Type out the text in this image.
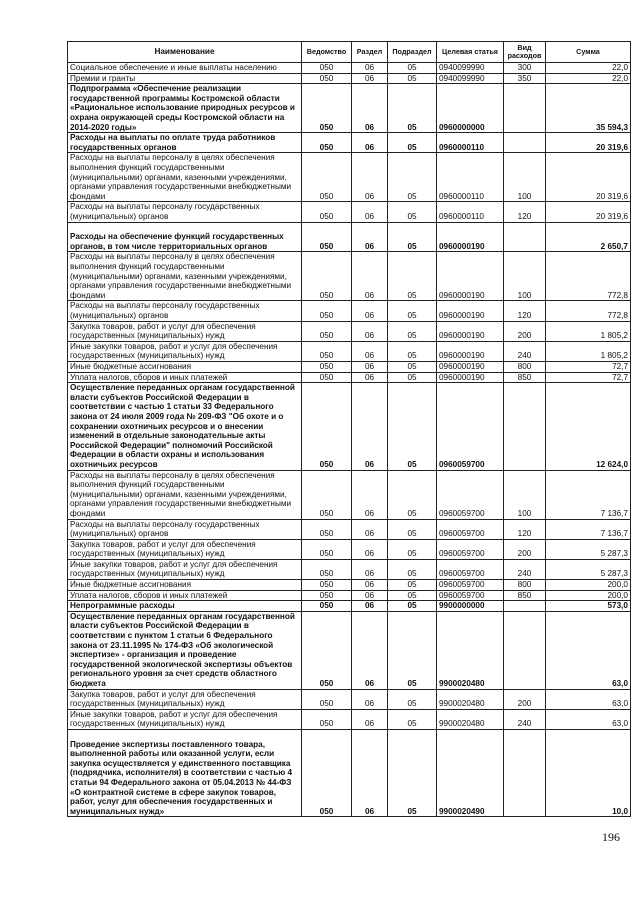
Наименование	Ведомство	Раздел	Подраздел	Целевая статья	Вид расходов	Сумма
Социальное обеспечение и иные выплаты населению	050	06	05	0940099990	300	22,0
Премии и гранты	050	06	05	0940099990	350	22,0
Подпрограмма «Обеспечение реализации государственной программы Костромской области «Рациональное использование природных ресурсов и охрана окружающей среды Костромской области на 2014-2020 годы»	050	06	05	0960000000		35 594,3
Расходы на выплаты по оплате труда работников государственных органов	050	06	05	0960000110		20 319,6
Расходы на выплаты персоналу в целях обеспечения выполнения функций государственными (муниципальными) органами, казенными учреждениями, органами управления государственными внебюджетными фондами	050	06	05	0960000110	100	20 319,6
Расходы на выплаты персоналу государственных (муниципальных) органов	050	06	05	0960000110	120	20 319,6
Расходы на обеспечение функций государственных органов, в том числе территориальных органов	050	06	05	0960000190		2 650,7
Расходы на выплаты персоналу в целях обеспечения выполнения функций государственными (муниципальными) органами, казенными учреждениями, органами управления государственными внебюджетными фондами	050	06	05	0960000190	100	772,8
Расходы на выплаты персоналу государственных (муниципальных) органов	050	06	05	0960000190	120	772,8
Закупка товаров, работ и услуг для обеспечения государственных (муниципальных) нужд	050	06	05	0960000190	200	1 805,2
Иные закупки товаров, работ и услуг для обеспечения государственных (муниципальных) нужд	050	06	05	0960000190	240	1 805,2
Иные бюджетные ассигнования	050	06	05	0960000190	800	72,7
Уплата налогов, сборов и иных платежей	050	06	05	0960000190	850	72,7
Осуществление переданных органам государственной власти субъектов Российской Федерации в соответствии с частью 1 статьи 33 Федерального закона от 24 июля 2009 года № 209-ФЗ "Об охоте и о сохранении охотничьих ресурсов и о внесении изменений в отдельные законодательные акты Российской Федерации" полномочий Российской Федерации в области охраны и использования охотничьих ресурсов	050	06	05	0960059700		12 624,0
Расходы на выплаты персоналу в целях обеспечения выполнения функций государственными (муниципальными) органами, казенными учреждениями, органами управления государственными внебюджетными фондами	050	06	05	0960059700	100	7 136,7
Расходы на выплаты персоналу государственных (муниципальных) органов	050	06	05	0960059700	120	7 136,7
Закупка товаров, работ и услуг для обеспечения государственных (муниципальных) нужд	050	06	05	0960059700	200	5 287,3
Иные закупки товаров, работ и услуг для обеспечения государственных (муниципальных) нужд	050	06	05	0960059700	240	5 287,3
Иные бюджетные ассигнования	050	06	05	0960059700	800	200,0
Уплата налогов, сборов и иных платежей	050	06	05	0960059700	850	200,0
Непрограммные расходы	050	06	05	9900000000		573,0
Осуществление переданных органам государственной власти субъектов Российской Федерации в соответствии с пунктом 1 статьи 6 Федерального закона от 23.11.1995 № 174-ФЗ «Об экологической экспертизе» - организация и проведение государственной экологической экспертизы объектов регионального уровня за счет средств областного бюджета	050	06	05	9900020480		63,0
Закупка товаров, работ и услуг для обеспечения государственных (муниципальных) нужд	050	06	05	9900020480	200	63,0
Иные закупки товаров, работ и услуг для обеспечения государственных (муниципальных) нужд	050	06	05	9900020480	240	63,0
Проведение экспертизы поставленного товара, выполненной работы или оказанной услуги, если закупка осуществляется у единственного поставщика (подрядчика, исполнителя) в соответствии с частью 4 статьи 94 Федерального закона от 05.04.2013 № 44-ФЗ «О контрактной системе в сфере закупок товаров, работ, услуг для обеспечения государственных и муниципальных нужд»	050	06	05	9900020490		10,0
196
